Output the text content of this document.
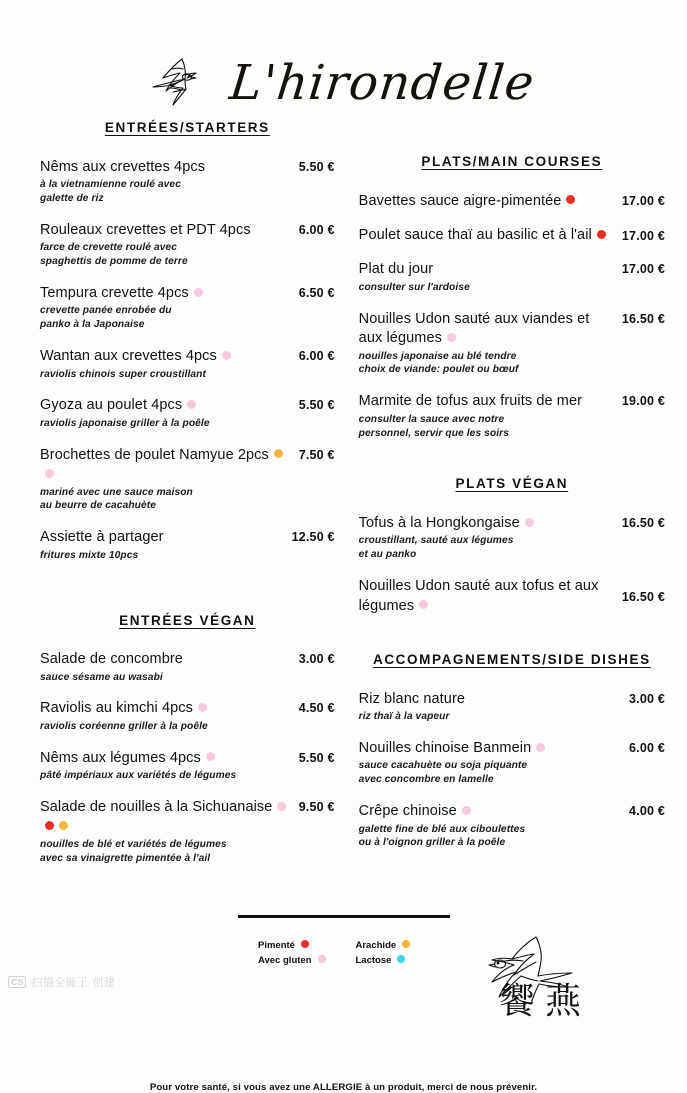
L'hirondelle
ENTRÉES/STARTERS
Nêms aux crevettes 4pcs
à la vietnamienne roulé avec
galette de riz
5.50 €
Rouleaux crevettes et PDT 4pcs
farce de crevette roulé avec
spaghettis de pomme de terre
6.00 €
Tempura crevette 4pcs
crevette panée enrobée du
panko à la Japonaise
6.50 €
Wantan aux crevettes 4pcs
raviolis chinois super croustillant
6.00 €
Gyoza au poulet 4pcs
raviolis japonaise griller à la poêle
5.50 €
Brochettes de poulet Namyue 2pcs
mariné avec une sauce maison
au beurre de cacahuète
7.50 €
Assiette à partager
fritures mixte 10pcs
12.50 €
ENTRÉES VÉGAN
Salade de concombre
sauce sésame au wasabi
3.00 €
Raviolis au kimchi 4pcs
raviolis coréenne griller à la poêle
4.50 €
Nêms aux légumes 4pcs
pâté impériaux aux variétés de légumes
5.50 €
Salade de nouilles à la Sichuanaise
nouilles de blé et variétés de légumes
avec sa vinaigrette pimentée à l'ail
9.50 €
PLATS/MAIN COURSES
Bavettes sauce aigre-pimentée	17.00 €
Poulet sauce thaï au basilic et à l'ail	17.00 €
Plat du jour
consulter sur l'ardoise
17.00 €
Nouilles Udon sauté aux viandes et aux légumes
nouilles japonaise au blé tendre
choix de viande: poulet ou bœuf
16.50 €
Marmite de tofus aux fruits de mer
consulter la sauce avec notre
personnel, servir que les soirs
19.00 €
PLATS VÉGAN
Tofus à la Hongkongaise
croustillant, sauté aux légumes
et au panko
16.50 €
Nouilles Udon sauté aux tofus et aux légumes
16.50 €
ACCOMPAGNEMENTS/SIDE DISHES
Riz blanc nature
riz thaï à la vapeur
3.00 €
Nouilles chinoise Banmein
sauce cacahuète ou soja piquante
avec concombre en lamelle
6.00 €
Crêpe chinoise
galette fine de blé aux ciboulettes
ou à l'oignon griller à la poêle
4.00 €
Pimenté	Arachide
Avec gluten	Lactose
饗燕
Pour votre santé, si vous avez une ALLERGIE à un produit, merci de nous prévenir.
CS 扫描全能王 创建
